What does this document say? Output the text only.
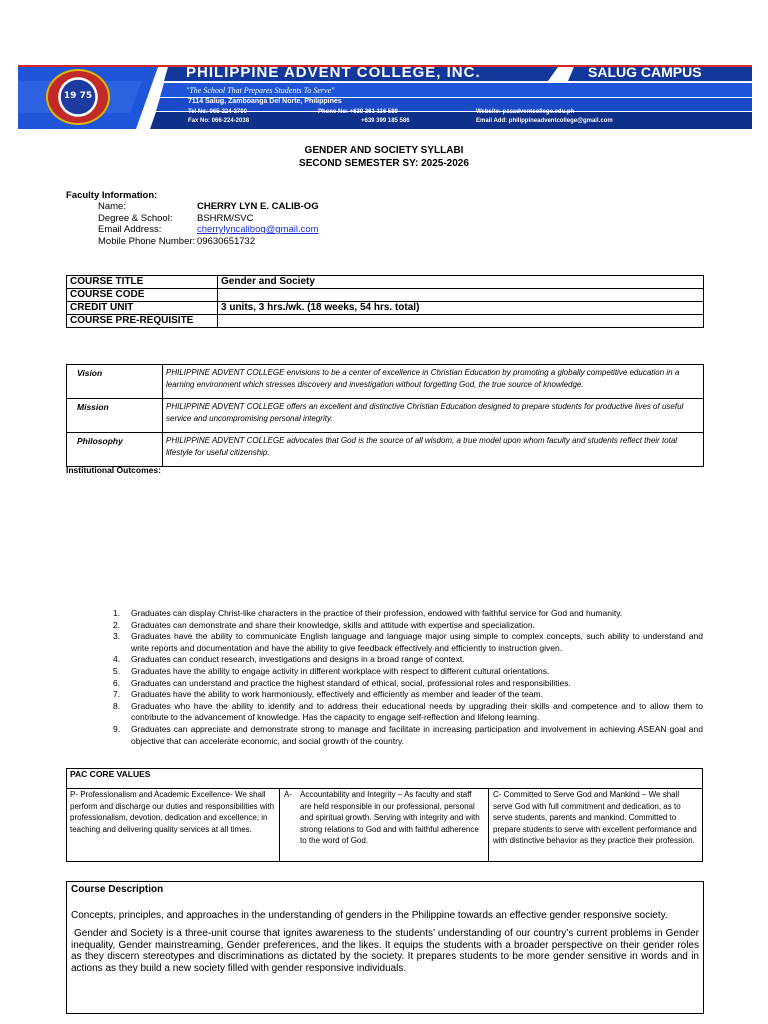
19 75
PHILIPPINE ADVENT COLLEGE, INC.	SALUG CAMPUS
"The School That Prepares Students To Serve"
7114 Salug, Zamboanga Del Norte, Philippines
Tel No: 065-224-2700
Fax No: 066-224-2038
Phone No: +639 361 116 589
+639 399 185 586
Website: pacadventcollege.edu.ph
Email Add: philippineadventcollege@gmail.com
GENDER AND SOCIETY SYLLABI
SECOND SEMESTER SY: 2025-2026
Faculty Information:
Name:	CHERRY LYN E. CALIB-OG
Degree & School:	BSHRM/SVC
Email Address:	cherrylyncalibog@gmail.com
Mobile Phone Number: 09630651732
COURSE TITLE	Gender and Society
COURSE CODE	
CREDIT UNIT	3 units, 3 hrs./wk. (18 weeks, 54 hrs. total)
COURSE PRE-REQUISITE	
Vision	PHILIPPINE ADVENT COLLEGE envisions to be a center of excellence in Christian Education by promoting a globally competitive education in a learning environment which stresses discovery and investigation without forgetting God, the true source of knowledge.
Mission	PHILIPPINE ADVENT COLLEGE offers an excellent and distinctive Christian Education designed to prepare students for productive lives of useful service and uncompromising personal integrity.
Philosophy	PHILIPPINE ADVENT COLLEGE advocates that God is the source of all wisdom, a true model upon whom faculty and students reflect their total lifestyle for useful citizenship.
Institutional Outcomes:
1. Graduates can display Christ-like characters in the practice of their profession, endowed with faithful service for God and humanity.
2. Graduates can demonstrate and share their knowledge, skills and attitude with expertise and specialization.
3. Graduates have the ability to communicate English language and language major using simple to complex concepts, such ability to understand and write reports and documentation and have the ability to give feedback effectively and efficiently to instruction given.
4. Graduates can conduct research, investigations and designs in a broad range of context.
5. Graduates have the ability to engage activity in different workplace with respect to different cultural orientations.
6. Graduates can understand and practice the highest standard of ethical, social, professional roles and responsibilities.
7. Graduates have the ability to work harmoniously, effectively and efficiently as member and leader of the team.
8. Graduates who have the ability to identify and to address their educational needs by upgrading their skills and competence and to allow them to contribute to the advancement of knowledge. Has the capacity to engage self-reflection and lifelong learning.
9. Graduates can appreciate and demonstrate strong to manage and facilitate in increasing participation and involvement in achieving ASEAN goal and objective that can accelerate economic, and social growth of the country.
PAC CORE VALUES
P- Professionalism and Academic Excellence- We shall perform and discharge our duties and responsibilities with professionalism, devotion, dedication and excellence; in teaching and delivering quality services at all times.
A- Accountability and Integrity – As faculty and staff are held responsible in our professional, personal and spiritual growth. Serving with integrity and with strong relations to God and with faithful adherence to the word of God.
C- Committed to Serve God and Mankind – We shall serve God with full commitment and dedication, as to serve students, parents and mankind. Committed to prepare students to serve with excellent performance and with distinctive behavior as they practice their profession.
Course Description

Concepts, principles, and approaches in the understanding of genders in the Philippine towards an effective gender responsive society.

Gender and Society is a three-unit course that ignites awareness to the students’ understanding of our country’s current problems in Gender inequality, Gender mainstreaming, Gender preferences, and the likes. It equips the students with a broader perspective on their gender roles as they discern stereotypes and discriminations as dictated by the society. It prepares students to be more gender sensitive in words and in actions as they build a new society filled with gender responsive individuals.
